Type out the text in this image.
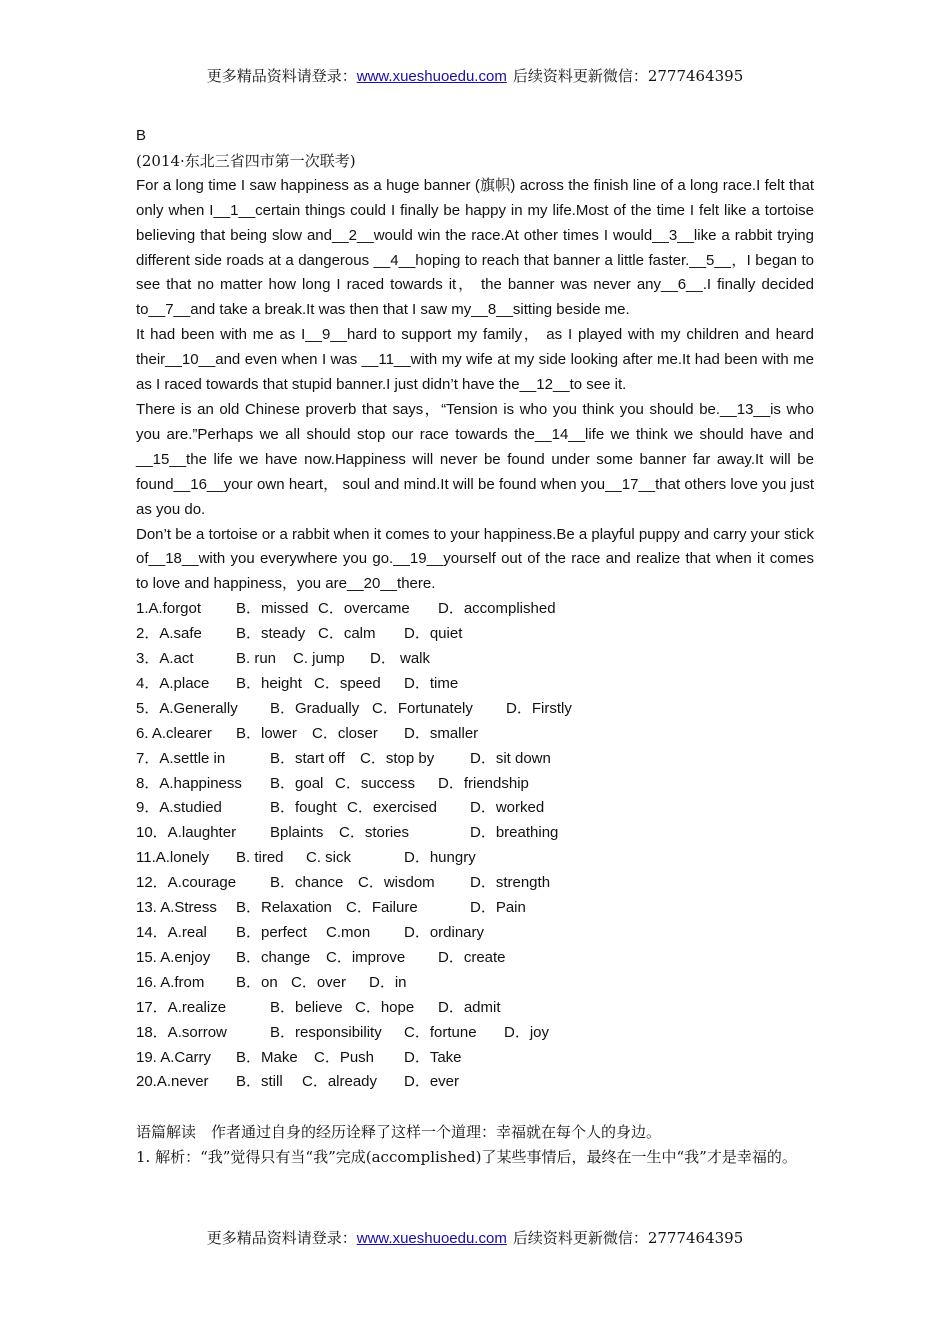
更多精品资料请登录：www.xueshuoedu.com 后续资料更新微信：2777464395

B

(2014·东北三省四市第一次联考)

For a long time I saw happiness as a huge banner (旗帜) across the finish line of a long race.I felt that only when I__1__certain things could I finally be happy in my life.Most of the time I felt like a tortoise believing that being slow and__2__would win the race.At other times I would__3__like a rabbit trying different side roads at a dangerous __4__hoping to reach that banner a little faster.__5__，I began to see that no matter how long I raced towards it， the banner was never any__6__.I finally decided to__7__and take a break.It was then that I saw my__8__sitting beside me.

It had been with me as I__9__hard to support my family， as I played with my children and heard their__10__and even when I was __11__with my wife at my side looking after me.It had been with me as I raced towards that stupid banner.I just didn’t have the__12__to see it.

There is an old Chinese proverb that says，“Tension is who you think you should be.__13__is who you are.”Perhaps we all should stop our race towards the__14__life we think we should have and __15__the life we have now.Happiness will never be found under some banner far away.It will be found__16__your own heart， soul and mind.It will be found when you__17__that others love you just as you do.

Don’t be a tortoise or a rabbit when it comes to your happiness.Be a playful puppy and carry your stick of__18__with you everywhere you go.__19__yourself out of the race and realize that when it comes to love and happiness，you are__20__there.

1.A.forgot	B．missed C．overcame	D．accomplished
2．A.safe	B．steady C．calm	D．quiet
3．A.act	B. run	C. jump	D． walk
4．A.place	B．height C．speed	D．time
5．A.Generally	B．Gradually C．Fortunately	D．Firstly
6. A.clearer	B．lower	C．closer	D．smaller
7．A.settle in	B．start off	C．stop by	D．sit down
8．A.happiness	B．goal C．success	D．friendship
9．A.studied	B．fought C．exercised	D．worked
10．A.laughter	Bplaints	C．stories	D．breathing
11.A.lonely	B. tired	C. sick	D．hungry
12．A.courage	B．chance C．wisdom	D．strength
13. A.Stress	B．Relaxation C．Failure	D．Pain
14．A.real	B．perfect	C.mon	D．ordinary
15. A.enjoy	B．change	C．improve	D．create
16. A.from	B．on C．over	D．in
17．A.realize	B．believe C．hope	D．admit
18．A.sorrow	B．responsibility	C．fortune	D．joy
19. A.Carry	B．Make	C．Push	D．Take
20.A.never	B．still	C．already	D．ever

语篇解读　作者通过自身的经历诠释了这样一个道理：幸福就在每个人的身边。

1. 解析：“我”觉得只有当“我”完成(accomplished)了某些事情后，最终在一生中“我”才是幸福的。

更多精品资料请登录：www.xueshuoedu.com 后续资料更新微信：2777464395
